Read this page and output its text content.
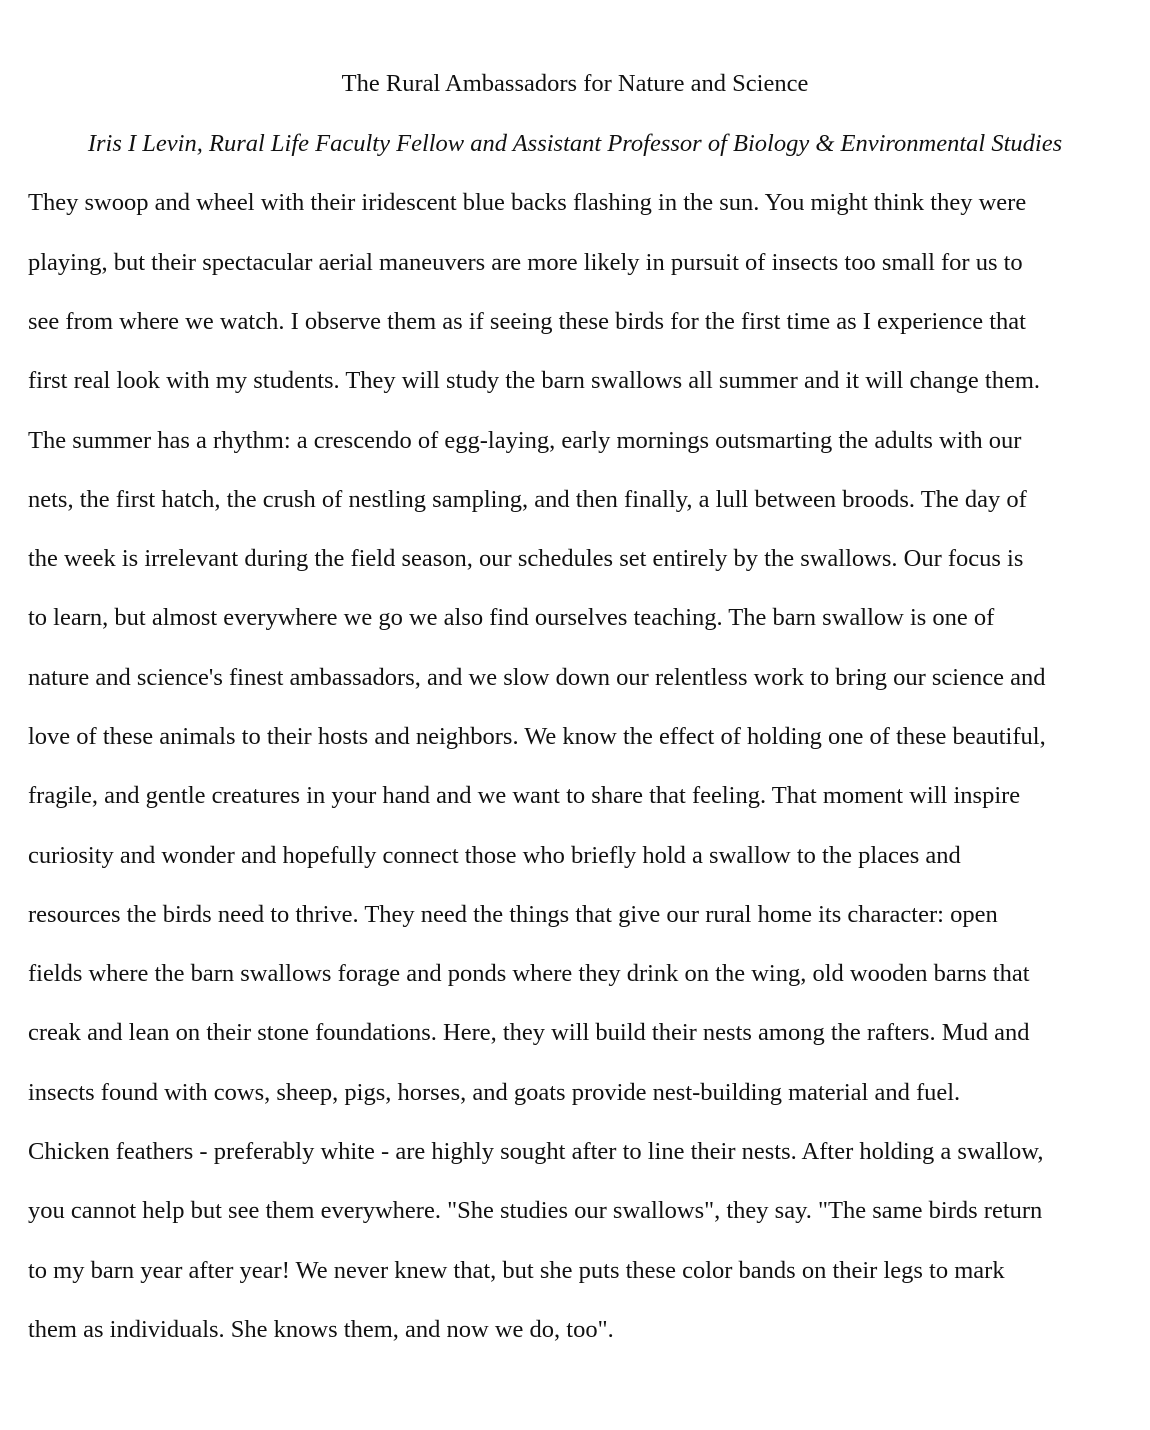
The Rural Ambassadors for Nature and Science
Iris I Levin, Rural Life Faculty Fellow and Assistant Professor of Biology & Environmental Studies
They swoop and wheel with their iridescent blue backs flashing in the sun. You might think they were
playing, but their spectacular aerial maneuvers are more likely in pursuit of insects too small for us to
see from where we watch. I observe them as if seeing these birds for the first time as I experience that
first real look with my students. They will study the barn swallows all summer and it will change them.
The summer has a rhythm: a crescendo of egg-laying, early mornings outsmarting the adults with our
nets, the first hatch, the crush of nestling sampling, and then finally, a lull between broods. The day of
the week is irrelevant during the field season, our schedules set entirely by the swallows. Our focus is
to learn, but almost everywhere we go we also find ourselves teaching. The barn swallow is one of
nature and science's finest ambassadors, and we slow down our relentless work to bring our science and
love of these animals to their hosts and neighbors. We know the effect of holding one of these beautiful,
fragile, and gentle creatures in your hand and we want to share that feeling. That moment will inspire
curiosity and wonder and hopefully connect those who briefly hold a swallow to the places and
resources the birds need to thrive. They need the things that give our rural home its character: open
fields where the barn swallows forage and ponds where they drink on the wing, old wooden barns that
creak and lean on their stone foundations. Here, they will build their nests among the rafters. Mud and
insects found with cows, sheep, pigs, horses, and goats provide nest-building material and fuel.
Chicken feathers - preferably white - are highly sought after to line their nests. After holding a swallow,
you cannot help but see them everywhere. "She studies our swallows", they say. "The same birds return
to my barn year after year! We never knew that, but she puts these color bands on their legs to mark
them as individuals. She knows them, and now we do, too".
